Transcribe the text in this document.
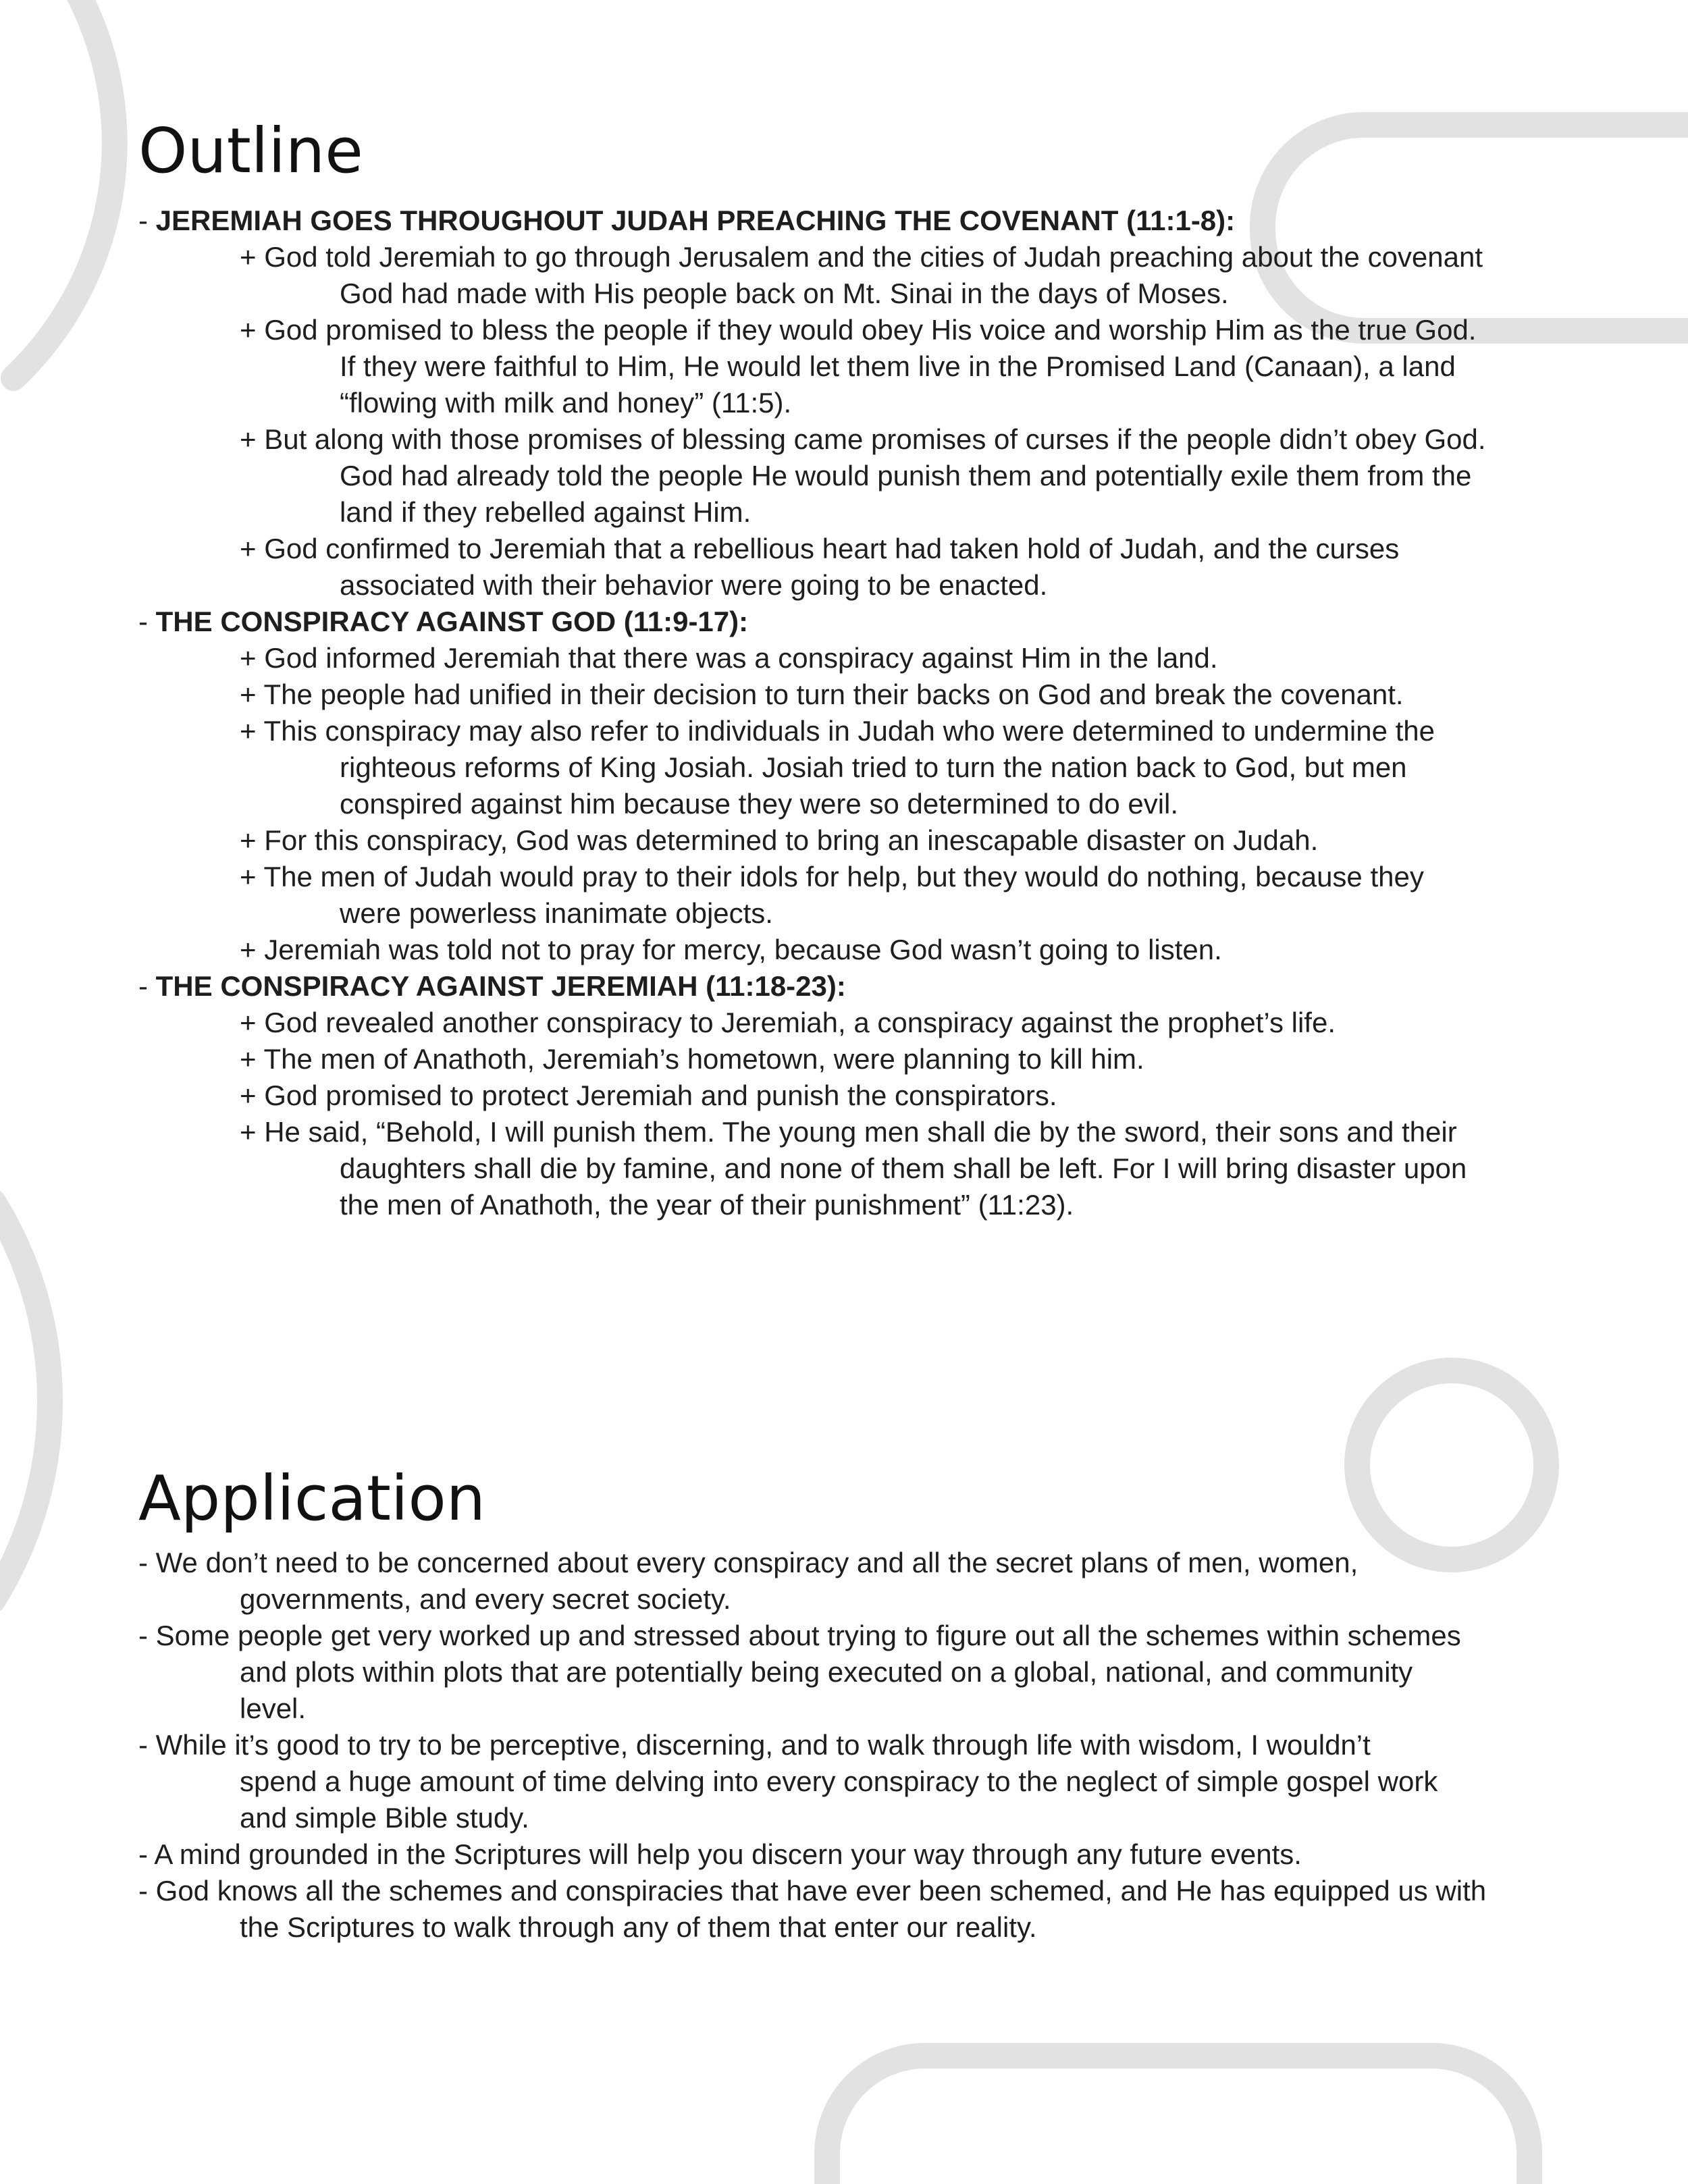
Outline

- JEREMIAH GOES THROUGHOUT JUDAH PREACHING THE COVENANT (11:1-8):

+ God told Jeremiah to go through Jerusalem and the cities of Judah preaching about the covenant

God had made with His people back on Mt. Sinai in the days of Moses.

+ God promised to bless the people if they would obey His voice and worship Him as the true God.

If they were faithful to Him, He would let them live in the Promised Land (Canaan), a land

“flowing with milk and honey” (11:5).

+ But along with those promises of blessing came promises of curses if the people didn’t obey God.

God had already told the people He would punish them and potentially exile them from the

land if they rebelled against Him.

+ God confirmed to Jeremiah that a rebellious heart had taken hold of Judah, and the curses

associated with their behavior were going to be enacted.

- THE CONSPIRACY AGAINST GOD (11:9-17):

+ God informed Jeremiah that there was a conspiracy against Him in the land.

+ The people had unified in their decision to turn their backs on God and break the covenant.

+ This conspiracy may also refer to individuals in Judah who were determined to undermine the

righteous reforms of King Josiah. Josiah tried to turn the nation back to God, but men

conspired against him because they were so determined to do evil.

+ For this conspiracy, God was determined to bring an inescapable disaster on Judah.

+ The men of Judah would pray to their idols for help, but they would do nothing, because they

were powerless inanimate objects.

+ Jeremiah was told not to pray for mercy, because God wasn’t going to listen.

- THE CONSPIRACY AGAINST JEREMIAH (11:18-23):

+ God revealed another conspiracy to Jeremiah, a conspiracy against the prophet’s life.

+ The men of Anathoth, Jeremiah’s hometown, were planning to kill him.

+ God promised to protect Jeremiah and punish the conspirators.

+ He said, “Behold, I will punish them. The young men shall die by the sword, their sons and their

daughters shall die by famine, and none of them shall be left. For I will bring disaster upon

the men of Anathoth, the year of their punishment” (11:23).

Application

- We don’t need to be concerned about every conspiracy and all the secret plans of men, women,

governments, and every secret society.

- Some people get very worked up and stressed about trying to figure out all the schemes within schemes

and plots within plots that are potentially being executed on a global, national, and community

level.

- While it’s good to try to be perceptive, discerning, and to walk through life with wisdom, I wouldn’t

spend a huge amount of time delving into every conspiracy to the neglect of simple gospel work

and simple Bible study.

- A mind grounded in the Scriptures will help you discern your way through any future events.

- God knows all the schemes and conspiracies that have ever been schemed, and He has equipped us with

the Scriptures to walk through any of them that enter our reality.
